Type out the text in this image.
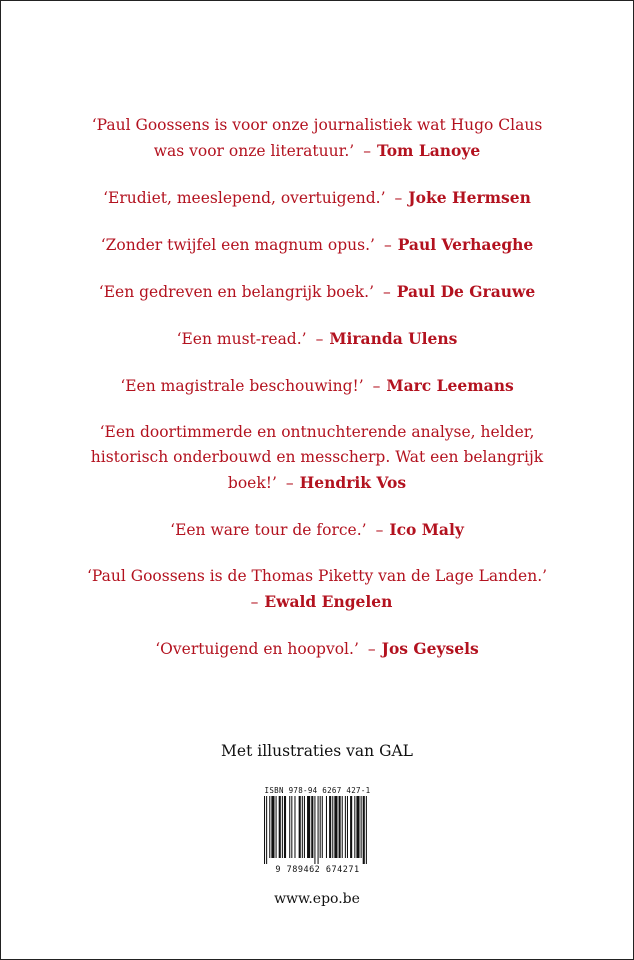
‘Paul Goossens is voor onze journalistiek wat Hugo Claus
was voor onze literatuur.’ – Tom Lanoye

‘Erudiet, meeslepend, overtuigend.’ – Joke Hermsen

‘Zonder twijfel een magnum opus.’ – Paul Verhaeghe

‘Een gedreven en belangrijk boek.’ – Paul De Grauwe

‘Een must-read.’ – Miranda Ulens

‘Een magistrale beschouwing!’ – Marc Leemans

‘Een doortimmerde en ontnuchterende analyse, helder,
historisch onderbouwd en messcherp. Wat een belangrijk
boek!’ – Hendrik Vos

‘Een ware tour de force.’ – Ico Maly

‘Paul Goossens is de Thomas Piketty van de Lage Landen.’
– Ewald Engelen

‘Overtuigend en hoopvol.’ – Jos Geysels

Met illustraties van GAL
ISBN 978-94 6267 427-1
9 789462 674271
www.epo.be
